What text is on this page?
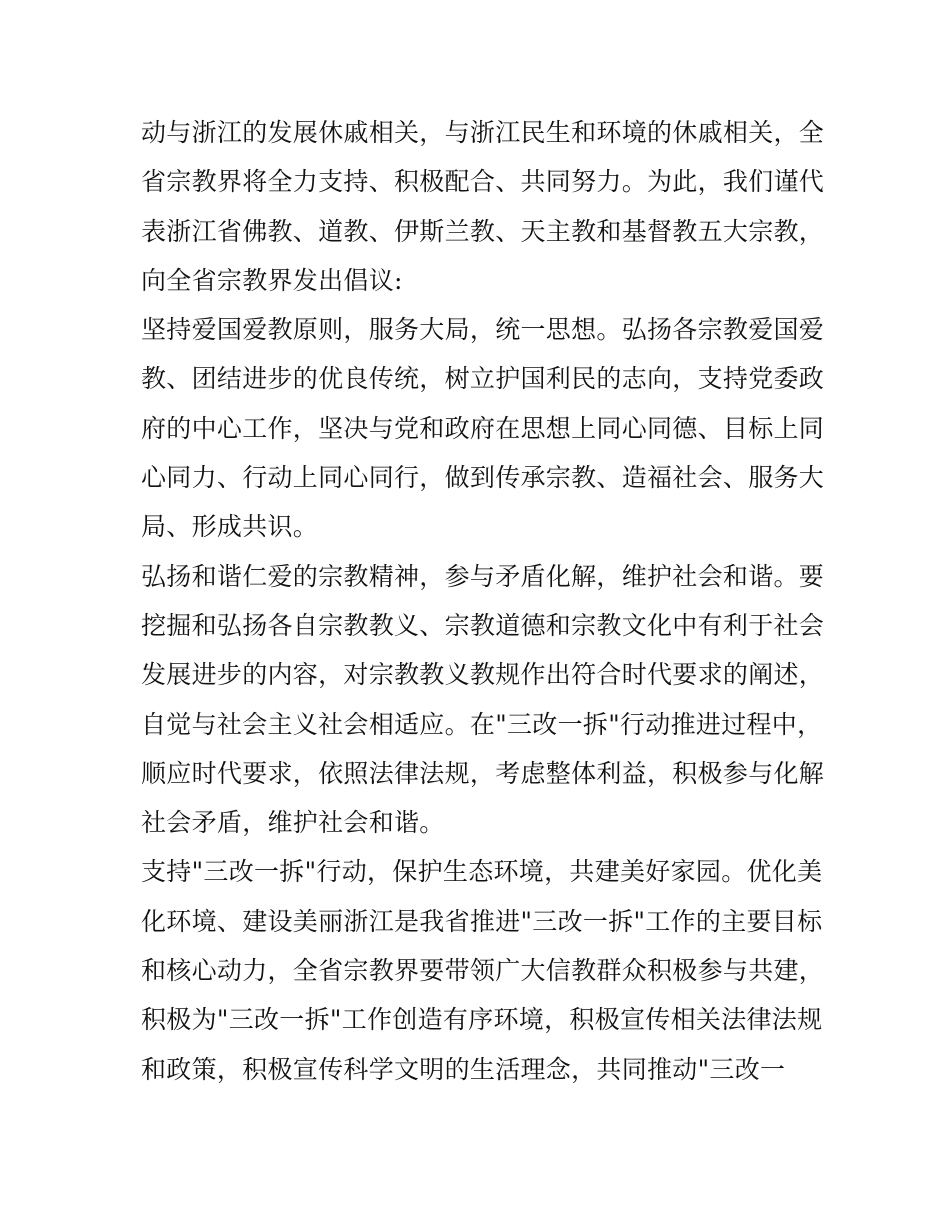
动与浙江的发展休戚相关，与浙江民生和环境的休戚相关，全
省宗教界将全力支持、积极配合、共同努力。为此，我们谨代
表浙江省佛教、道教、伊斯兰教、天主教和基督教五大宗教，
向全省宗教界发出倡议:
坚持爱国爱教原则，服务大局，统一思想。弘扬各宗教爱国爱
教、团结进步的优良传统，树立护国利民的志向，支持党委政
府的中心工作，坚决与党和政府在思想上同心同德、目标上同
心同力、行动上同心同行，做到传承宗教、造福社会、服务大
局、形成共识。
弘扬和谐仁爱的宗教精神，参与矛盾化解，维护社会和谐。要
挖掘和弘扬各自宗教教义、宗教道德和宗教文化中有利于社会
发展进步的内容，对宗教教义教规作出符合时代要求的阐述，
自觉与社会主义社会相适应。在"三改一拆"行动推进过程中，
顺应时代要求，依照法律法规，考虑整体利益，积极参与化解
社会矛盾，维护社会和谐。
支持"三改一拆"行动，保护生态环境，共建美好家园。优化美
化环境、建设美丽浙江是我省推进"三改一拆"工作的主要目标
和核心动力，全省宗教界要带领广大信教群众积极参与共建，
积极为"三改一拆"工作创造有序环境，积极宣传相关法律法规
和政策，积极宣传科学文明的生活理念，共同推动"三改一
